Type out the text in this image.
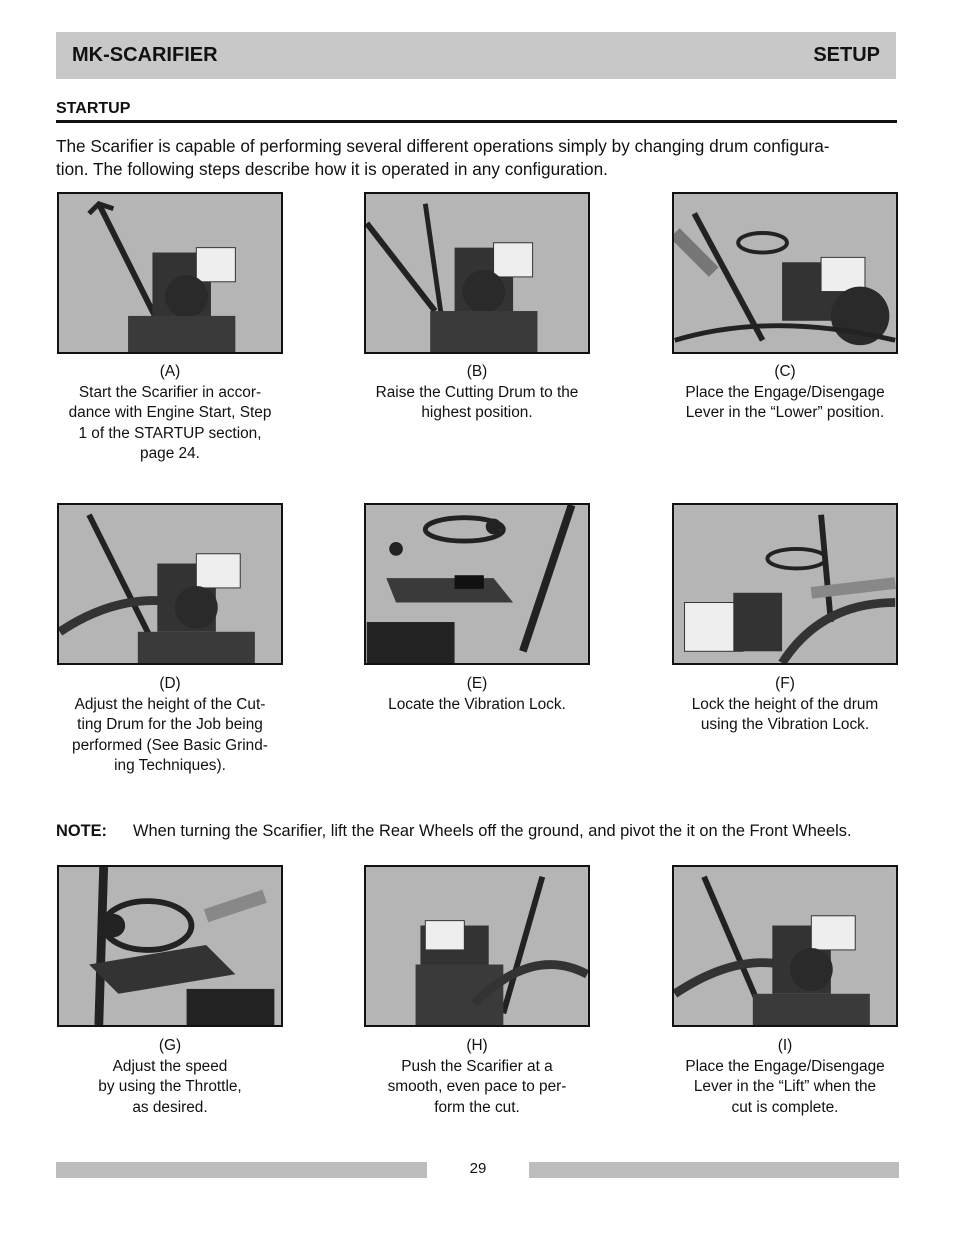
MK-SCARIFIER	SETUP
STARTUP
The Scarifier is capable of performing several different operations simply by changing drum configura-
tion. The following steps describe how it is operated in any configuration.
(A)
Start the Scarifier in accor-
dance with Engine Start, Step
1 of the STARTUP section,
page 24.
(B)
Raise the Cutting Drum to the
highest position.
(C)
Place the Engage/Disengage
Lever in the “Lower” position.
(D)
Adjust the height of the Cut-
ting Drum for the Job being
performed (See Basic Grind-
ing Techniques).
(E)
Locate the Vibration Lock.
(F)
Lock the height of the drum
using the Vibration Lock.
NOTE: When turning the Scarifier, lift the Rear Wheels off the ground, and pivot the it on the Front Wheels.
(G)
Adjust the speed
by using the Throttle,
as desired.
(H)
Push the Scarifier at a
smooth, even pace to per-
form the cut.
(I)
Place the Engage/Disengage
Lever in the “Lift” when the
cut is complete.
29
